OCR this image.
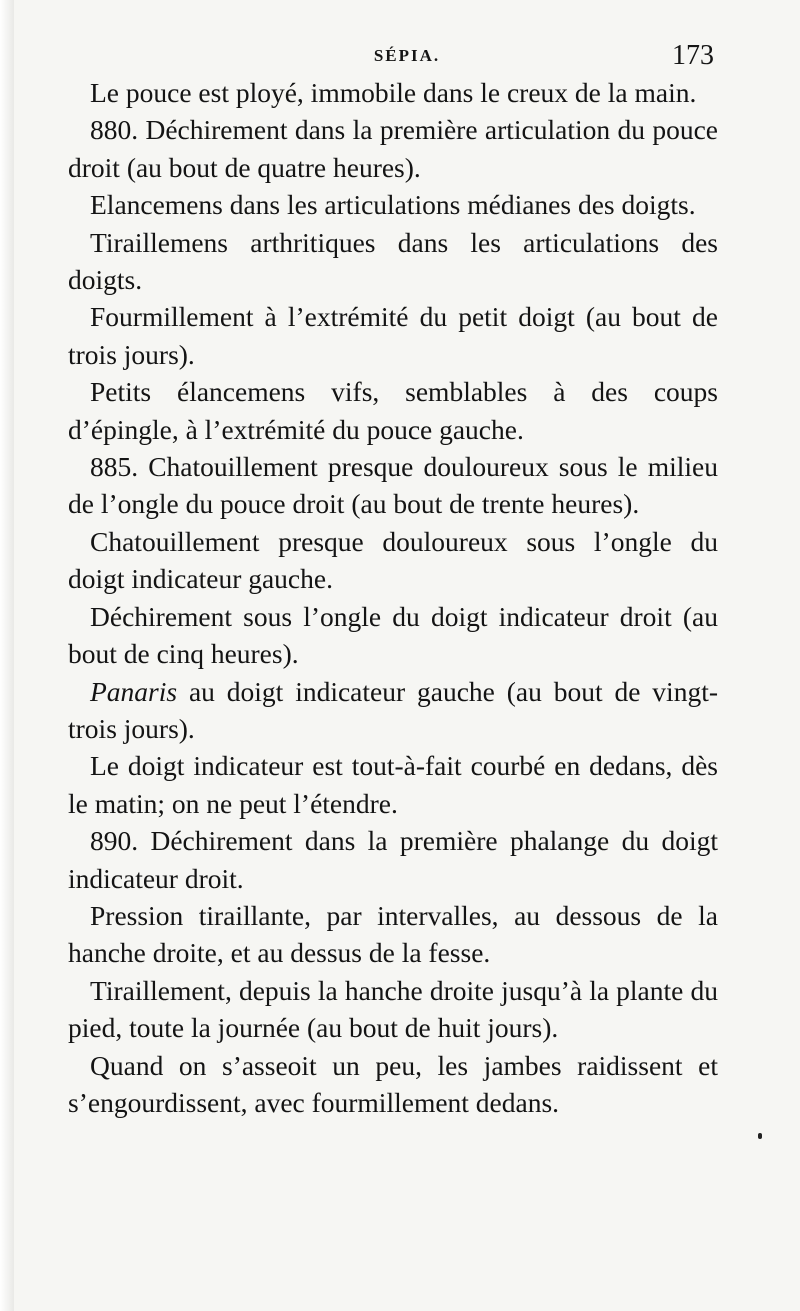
SÉPIA.	173

Le pouce est ployé, immobile dans le creux de la main.

880. Déchirement dans la première articulation du pouce droit (au bout de quatre heures).

Elancemens dans les articulations médianes des doigts.

Tiraillemens arthritiques dans les articulations des doigts.

Fourmillement à l’extrémité du petit doigt (au bout de trois jours).

Petits élancemens vifs, semblables à des coups d’épingle, à l’extrémité du pouce gauche.

885. Chatouillement presque douloureux sous le milieu de l’ongle du pouce droit (au bout de trente heures).

Chatouillement presque douloureux sous l’ongle du doigt indicateur gauche.

Déchirement sous l’ongle du doigt indicateur droit (au bout de cinq heures).

Panaris au doigt indicateur gauche (au bout de vingt-trois jours).

Le doigt indicateur est tout-à-fait courbé en dedans, dès le matin; on ne peut l’étendre.

890. Déchirement dans la première phalange du doigt indicateur droit.

Pression tiraillante, par intervalles, au dessous de la hanche droite, et au dessus de la fesse.

Tiraillement, depuis la hanche droite jusqu’à la plante du pied, toute la journée (au bout de huit jours).

Quand on s’asseoit un peu, les jambes raidissent et s’engourdissent, avec fourmillement dedans.
